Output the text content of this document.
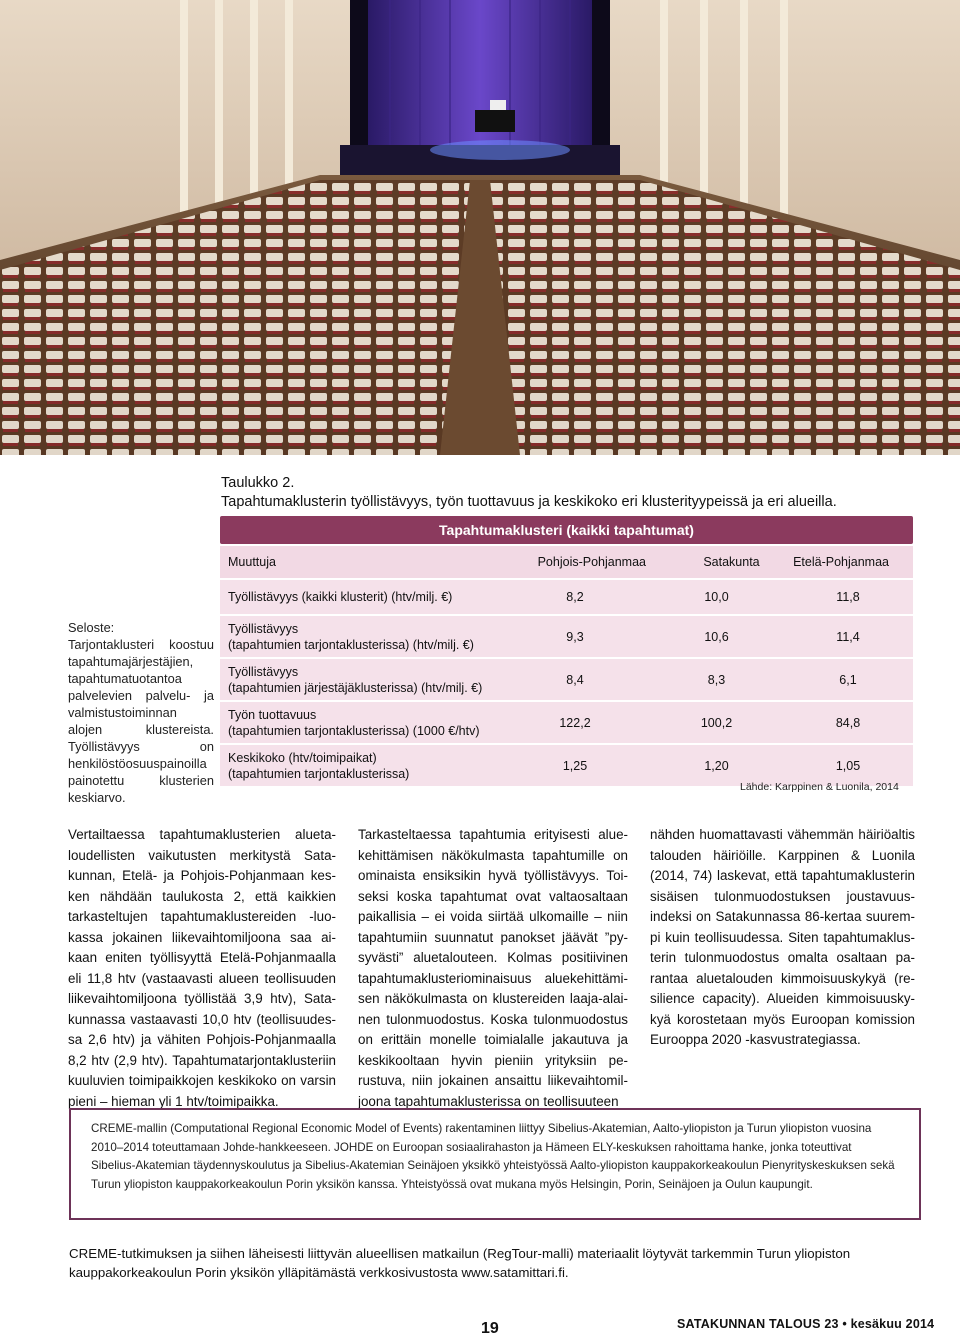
Taulukko 2.
Tapahtumaklusterin työllistävyys, työn tuottavuus ja keskikoko eri klusterityypeissä ja eri alueilla.
Tapahtumaklusteri (kaikki tapahtumat)
Muuttuja	Pohjois-Pohjanmaa	Satakunta	Etelä-Pohjanmaa
Työllistävyys (kaikki klusterit) (htv/milj. €)	8,2	10,0	11,8
Työllistävyys
(tapahtumien tarjontaklusterissa) (htv/milj. €)
9,3	10,6	11,4
Työllistävyys
(tapahtumien järjestäjäklusterissa) (htv/milj. €)
8,4	8,3	6,1
Työn tuottavuus
(tapahtumien tarjontaklusterissa) (1000 €/htv)
122,2	100,2	84,8
Keskikoko (htv/toimipaikat)
(tapahtumien tarjontaklusterissa)
1,25	1,20	1,05
Lähde: Karppinen & Luonila, 2014
Seloste:
Tarjontaklusteri koostuu tapahtumajärjestäjien, tapahtumatuotantoa palvelevien palvelu- ja valmistustoiminnan alojen klustereista. Työllistävyys on henkilöstöosuuspainoilla painotettu klusterien keskiarvo.
Vertailtaessa tapahtumaklusterien aluetaloudellisten vaikutusten merkitystä Satakunnan, Etelä- ja Pohjois-Pohjanmaan kesken nähdään taulukosta 2, että kaikkien tarkasteltujen tapahtumaklustereiden -luokassa jokainen liikevaihtomiljoona saa aikaan eniten työllisyyttä Etelä-Pohjanmaalla eli 11,8 htv (vastaavasti alueen teollisuuden liikevaihtomiljoona työllistää 3,9 htv), Satakunnassa vastaavasti 10,0 htv (teollisuudessa 2,6 htv) ja vähiten Pohjois-Pohjanmaalla 8,2 htv (2,9 htv). Tapahtumatarjontaklusteriin kuuluvien toimipaikkojen keskikoko on varsin pieni – hieman yli 1 htv/toimipaikka.
Tarkasteltaessa tapahtumia erityisesti aluekehittämisen näkökulmasta tapahtumille on ominaista ensiksikin hyvä työllistävyys. Toiseksi koska tapahtumat ovat valtaosaltaan paikallisia – ei voida siirtää ulkomaille – niin tapahtumiin suunnatut panokset jäävät ”pysyvästi” aluetalouteen. Kolmas positiivinen tapahtumaklusteriominaisuus aluekehittämisen näkökulmasta on klustereiden laaja-alainen tulonmuodostus. Koska tulonmuodostus on erittäin monelle toimialalle jakautuva ja keskikooltaan hyvin pieniin yrityksiin perustuva, niin jokainen ansaittu liikevaihtomiljoona tapahtumaklusterissa on teollisuuteen
nähden huomattavasti vähemmän häiriöaltis talouden häiriöille. Karppinen & Luonila (2014, 74) laskevat, että tapahtumaklusterin sisäisen tulonmuodostuksen joustavuusindeksi on Satakunnassa 86-kertaa suurempi kuin teollisuudessa. Siten tapahtumaklusterin tulonmuodostus omalta osaltaan parantaa aluetalouden kimmoisuuskykyä (resilience capacity). Alueiden kimmoisuuskykyä korostetaan myös Euroopan komission Eurooppa 2020 -kasvustrategiassa.
CREME-mallin (Computational Regional Economic Model of Events) rakentaminen liittyy Sibelius-Akatemian, Aalto-yliopiston ja Turun yliopiston vuosina 2010–2014 toteuttamaan Johde-hankkeeseen. JOHDE on Euroopan sosiaalirahaston ja Hämeen ELY-keskuksen rahoittama hanke, jonka toteuttivat Sibelius-Akatemian täydennyskoulutus ja Sibelius-Akatemian Seinäjoen yksikkö yhteistyössä Aalto-yliopiston kauppakorkeakoulun Pienyrityskeskuksen sekä Turun yliopiston kauppakorkeakoulun Porin yksikön kanssa. Yhteistyössä ovat mukana myös Helsingin, Porin, Seinäjoen ja Oulun kaupungit.
CREME-tutkimuksen ja siihen läheisesti liittyvän alueellisen matkailun (RegTour-malli) materiaalit löytyvät tarkemmin Turun yliopiston kauppakorkeakoulun Porin yksikön ylläpitämästä verkkosivustosta www.satamittari.fi.
19	SATAKUNNAN TALOUS 23 • kesäkuu 2014
